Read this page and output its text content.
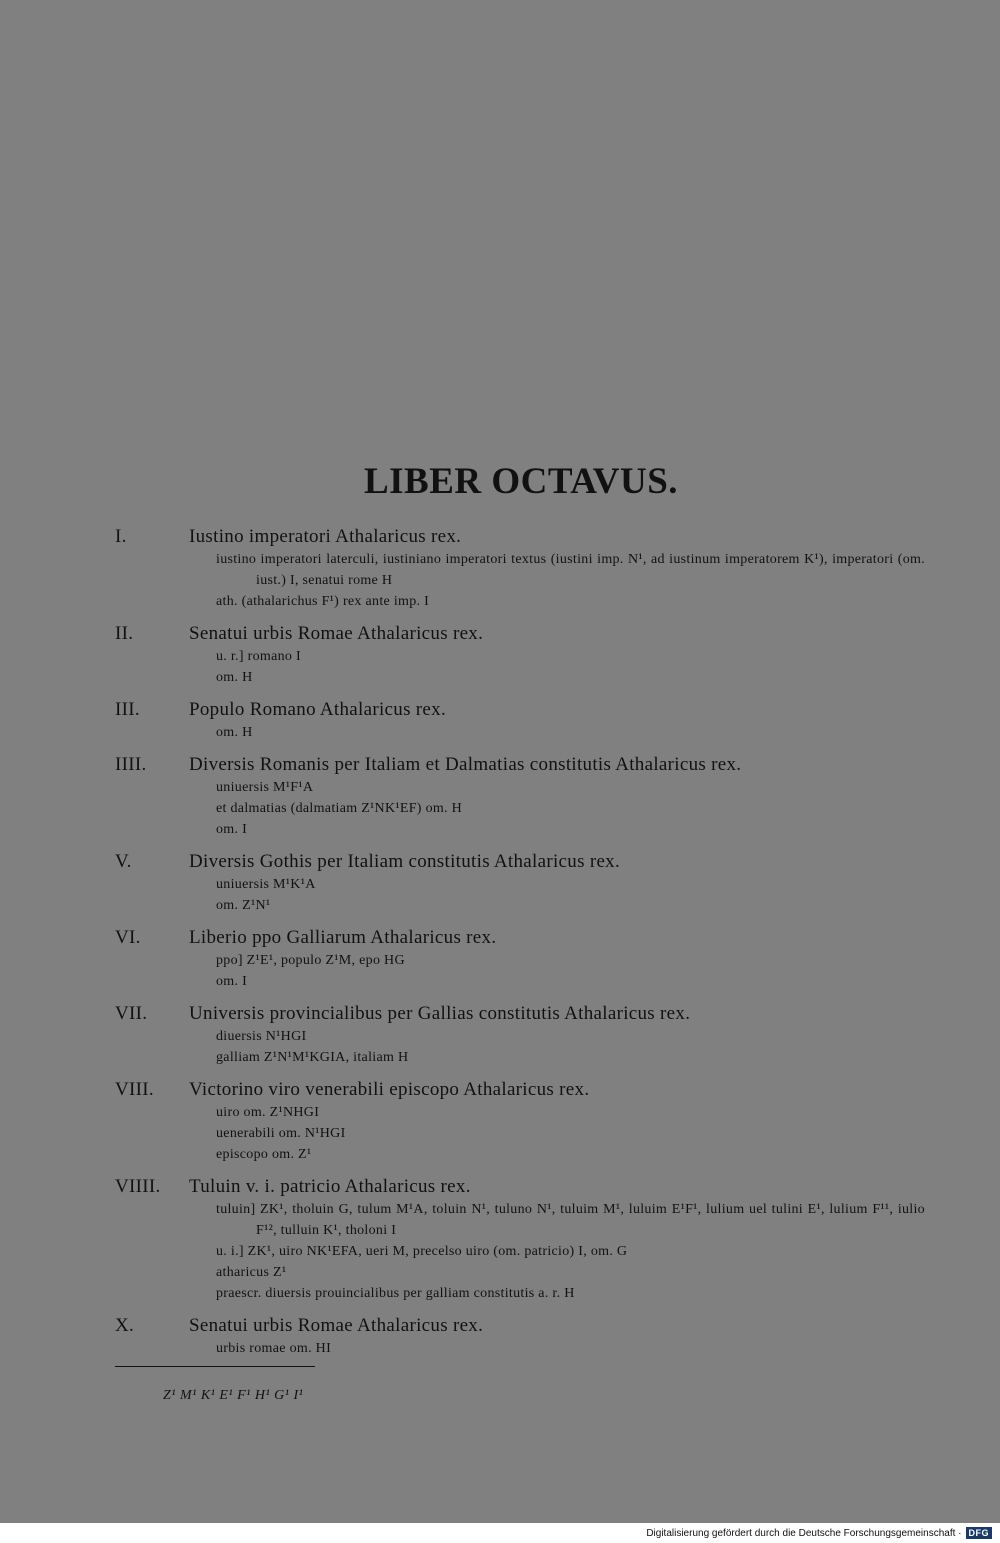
LIBER OCTAVUS.
I.	Iustino imperatori Athalaricus rex.
iustino imperatori laterculi, iustiniano imperatori textus (iustini imp. N¹, ad iustinum imperatorem K¹), imperatori (om. iust.) I, senatui rome H
ath. (athalarichus F¹) rex ante imp. I
II.	Senatui urbis Romae Athalaricus rex.
u. r.] romano I
om. H
III.	Populo Romano Athalaricus rex.
om. H
IIII.	Diversis Romanis per Italiam et Dalmatias constitutis Athalaricus rex.
uniuersis M¹F¹A
et dalmatias (dalmatiam Z¹NK¹EF) om. H
om. I
V.	Diversis Gothis per Italiam constitutis Athalaricus rex.
uniuersis M¹K¹A
om. Z¹N¹
VI.	Liberio ppo Galliarum Athalaricus rex.
ppo] Z¹E¹, populo Z¹M, epo HG
om. I
VII.	Universis provincialibus per Gallias constitutis Athalaricus rex.
diuersis N¹HGI
galliam Z¹N¹M¹KGIA, italiam H
VIII.	Victorino viro venerabili episcopo Athalaricus rex.
uiro om. Z¹NHGI
uenerabili om. N¹HGI
episcopo om. Z¹
VIIII.	Tuluin v. i. patricio Athalaricus rex.
tuluin] ZK¹, tholuin G, tulum M¹A, toluin N¹, tuluno N¹, tuluim M¹, luluim E¹F¹, lulium uel tulini E¹, lulium F¹¹, iulio F¹², tulluin K¹, tholoni I
u. i.] ZK¹, uiro NK¹EFA, ueri M, precelso uiro (om. patricio) I, om. G
atharicus Z¹
praescr. diuersis prouincialibus per galliam constitutis a. r. H
X.	Senatui urbis Romae Athalaricus rex.
urbis romae om. HI
Z¹ M¹ K¹ E¹ F¹ H¹ G¹ I¹
Digitalisierung gefördert durch die Deutsche Forschungsgemeinschaft · DFG
